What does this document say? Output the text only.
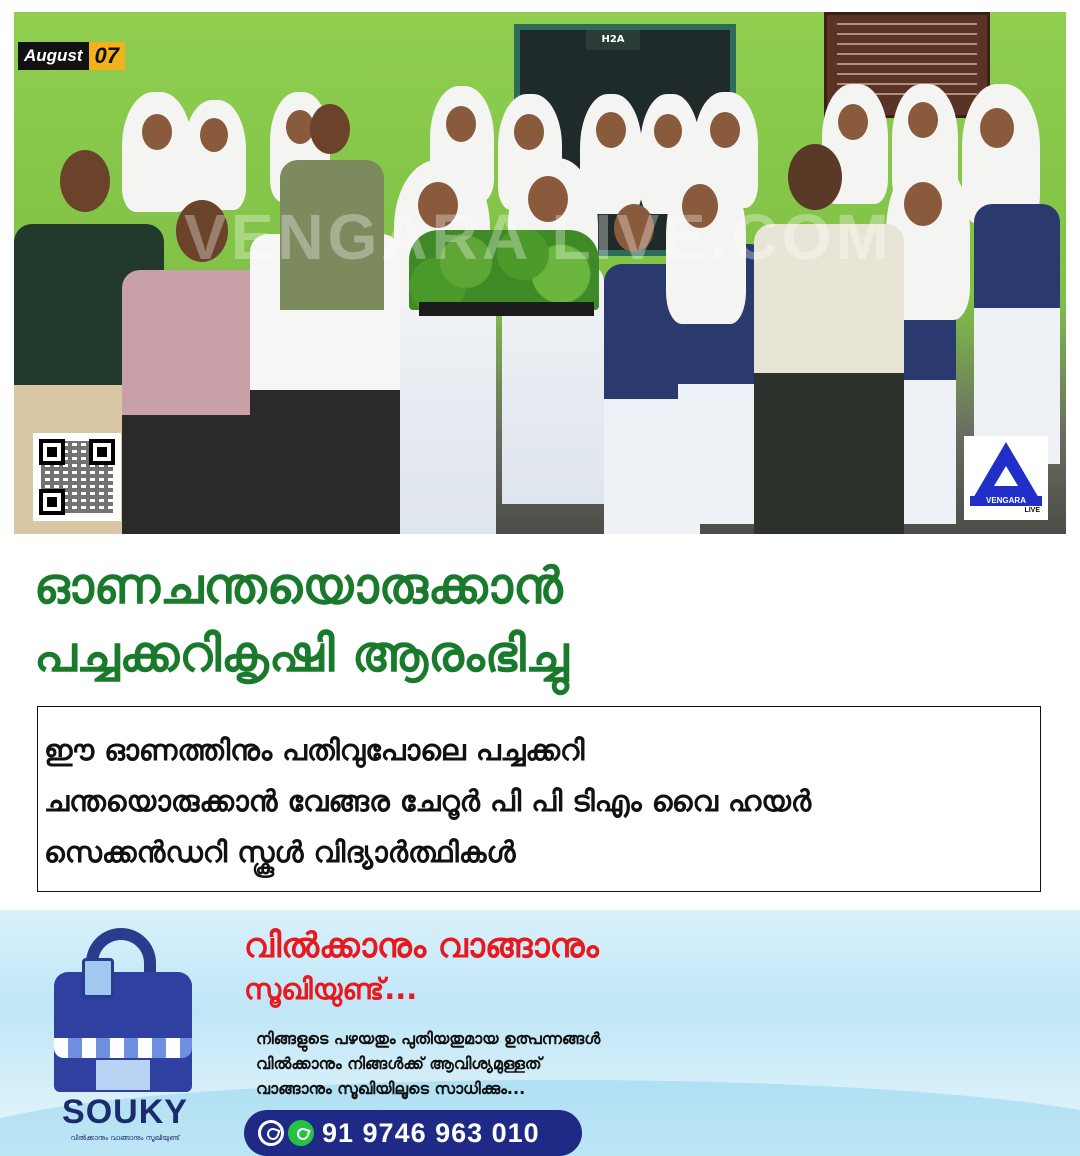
H2A
VENGARA LIVE.COM
August 07
VENGARA
LIVE
ഓണചന്തയൊരുക്കാൻ
പച്ചക്കറികൃഷി ആരംഭിച്ചു

ഈ ഓണത്തിനും പതിവുപോലെ പച്ചക്കറി

ചന്തയൊരുക്കാൻ വേങ്ങര ചേറൂർ പി പി ടിഎം വൈ ഹയർ

സെക്കൻഡറി സ്കൂൾ വിദ്യാർത്ഥികൾ

SOUKY
വിൽക്കാനും വാങ്ങാനും സൂഖിയുണ്ട്
വിൽക്കാനും വാങ്ങാനും
സൂഖിയുണ്ട്...
നിങ്ങളുടെ പഴയതും പുതിയതുമായ ഉത്പന്നങ്ങൾ
വിൽക്കാനും നിങ്ങൾക്ക് ആവിശ്യമുള്ളത്
വാങ്ങാനും സൂഖിയിലൂടെ സാധിക്കും...
91 9746 963 010
